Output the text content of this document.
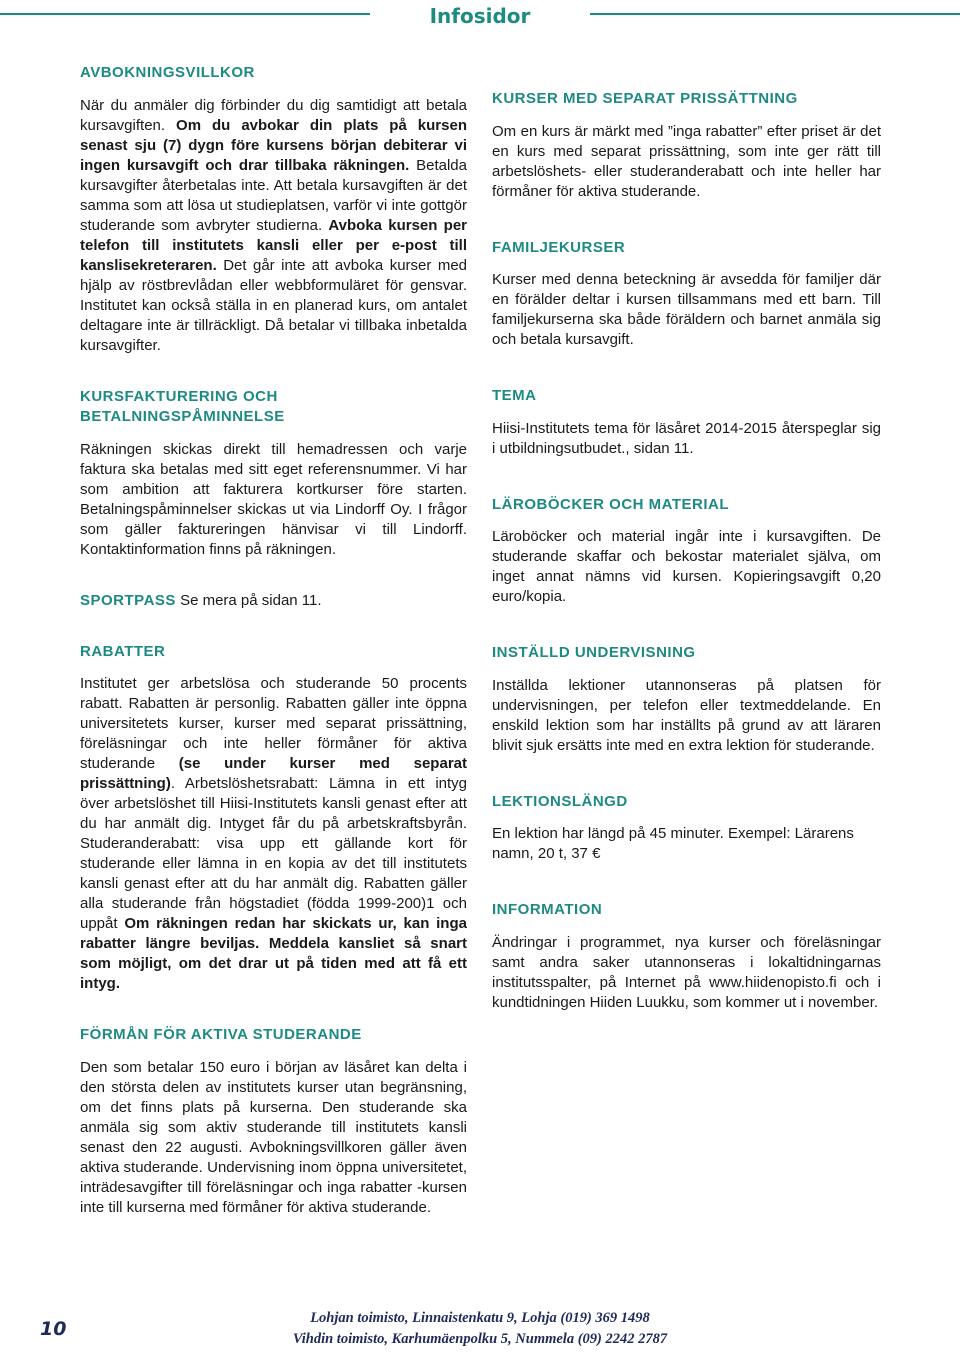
Infosidor
AVBOKNINGSVILLKOR

När du anmäler dig förbinder du dig samtidigt att betala kursavgiften. Om du avbokar din plats på kursen senast sju (7) dygn före kursens början debiterar vi ingen kursavgift och drar tillbaka räkningen. Betalda kursavgifter återbetalas inte. Att betala kursavgiften är det samma som att lösa ut studieplatsen, varför vi inte gottgör studerande som avbryter studierna. Avboka kursen per telefon till institutets kansli eller per e-post till kanslisekreteraren. Det går inte att avboka kurser med hjälp av röstbrevlådan eller webbformuläret för gensvar. Institutet kan också ställa in en planerad kurs, om antalet deltagare inte är tillräckligt. Då betalar vi tillbaka inbetalda kursavgifter.

KURSFAKTURERING OCH
BETALNINGSPÅMINNELSE

Räkningen skickas direkt till hemadressen och varje faktura ska betalas med sitt eget referensnummer. Vi har som ambition att fakturera kortkurser före starten. Betalningspåminnelser skickas ut via Lindorff Oy. I frågor som gäller faktureringen hänvisar vi till Lindorff. Kontaktinformation finns på räkningen.

SPORTPASS Se mera på sidan 11.

RABATTER

Institutet ger arbetslösa och studerande 50 procents rabatt. Rabatten är personlig. Rabatten gäller inte öppna universitetets kurser, kurser med separat prissättning, föreläsningar och inte heller förmåner för aktiva studerande (se under kurser med separat prissättning). Arbetslöshetsrabatt: Lämna in ett intyg över arbetslöshet till Hiisi-Institutets kansli genast efter att du har anmält dig. Intyget får du på arbetskraftsbyrån. Studeranderabatt: visa upp ett gällande kort för studerande eller lämna in en kopia av det till institutets kansli genast efter att du har anmält dig. Rabatten gäller alla studerande från högstadiet (födda 1999-200)1 och uppåt Om räkningen redan har skickats ur, kan inga rabatter längre beviljas. Meddela kansliet så snart som möjligt, om det drar ut på tiden med att få ett intyg.

FÖRMÅN FÖR AKTIVA STUDERANDE

Den som betalar 150 euro i början av läsåret kan delta i den största delen av institutets kurser utan begränsning, om det finns plats på kurserna. Den studerande ska anmäla sig som aktiv studerande till institutets kansli senast den 22 augusti. Avbokningsvillkoren gäller även aktiva studerande. Undervisning inom öppna universitetet, inträdesavgifter till föreläsningar och inga rabatter -kursen inte till kurserna med förmåner för aktiva studerande.

KURSER MED SEPARAT PRISSÄTTNING

Om en kurs är märkt med ”inga rabatter” efter priset är det en kurs med separat prissättning, som inte ger rätt till arbetslöshets- eller studeranderabatt och inte heller har förmåner för aktiva studerande.

FAMILJEKURSER

Kurser med denna beteckning är avsedda för familjer där en förälder deltar i kursen tillsammans med ett barn. Till familjekurserna ska både föräldern och barnet anmäla sig och betala kursavgift.

TEMA

Hiisi-Institutets tema för läsåret 2014-2015 återspeglar sig i utbildningsutbudet., sidan 11.

LÄROBÖCKER OCH MATERIAL

Läroböcker och material ingår inte i kursavgiften. De studerande skaffar och bekostar materialet själva, om inget annat nämns vid kursen. Kopieringsavgift 0,20 euro/kopia.

INSTÄLLD UNDERVISNING

Inställda lektioner utannonseras på platsen för undervisningen, per telefon eller textmeddelande. En enskild lektion som har inställts på grund av att läraren blivit sjuk ersätts inte med en extra lektion för studerande.

LEKTIONSLÄNGD

En lektion har längd på 45 minuter. Exempel: Lärarens namn, 20 t, 37 €

INFORMATION

Ändringar i programmet, nya kurser och föreläsningar samt andra saker utannonseras i lokaltidningarnas institutsspalter, på Internet på www.hiidenopisto.fi och i kundtidningen Hiiden Luukku, som kommer ut i november.

10	Lohjan toimisto, Linnaistenkatu 9, Lohja (019) 369 1498
Vihdin toimisto, Karhumäenpolku 5, Nummela (09) 2242 2787
